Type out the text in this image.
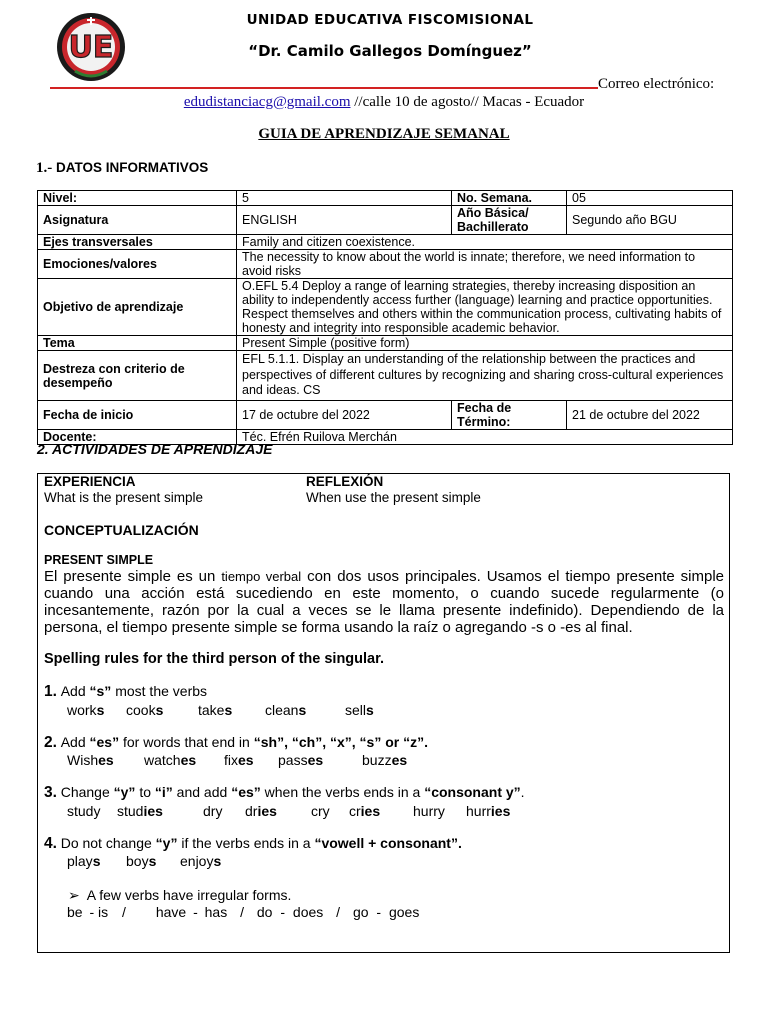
UE
UNIDAD EDUCATIVA FISCOMISIONAL
“Dr. Camilo Gallegos Domínguez”
Correo electrónico:
edudistanciacg@gmail.com //calle 10 de agosto// Macas - Ecuador
GUIA DE APRENDIZAJE SEMANAL
1.- DATOS INFORMATIVOS
Nivel:	5	No. Semana.	05
Asignatura	ENGLISH	Año Básica/ Bachillerato	Segundo año BGU
Ejes transversales	Family and citizen coexistence.		
Emociones/valores	The necessity to know about the world is innate; therefore, we need information to avoid risks		
Objetivo de aprendizaje	O.EFL 5.4 Deploy a range of learning strategies, thereby increasing disposition an ability to independently access further (language) learning and practice opportunities. Respect themselves and others within the communication process, cultivating habits of honesty and integrity into responsible academic behavior.		
Tema	Present Simple (positive form)		
Destreza con criterio de desempeño	EFL 5.1.1. Display an understanding of the relationship between the practices and perspectives of different cultures by recognizing and sharing cross-cultural experiences and ideas. CS		
Fecha de inicio	17 de octubre del 2022	Fecha de Término:	21 de octubre del 2022
Docente:	Téc. Efrén Ruilova Merchán		
2. ACTIVIDADES DE APRENDIZAJE
EXPERIENCIA
What is the present simple
REFLEXIÓN
When use the present simple
CONCEPTUALIZACIÓN
PRESENT SIMPLE
El presente simple es un tiempo verbal con dos usos principales. Usamos el tiempo presente simple cuando una acción está sucediendo en este momento, o cuando sucede regularmente (o incesantemente, razón por la cual a veces se le llama presente indefinido). Dependiendo de la persona, el tiempo presente simple se forma usando la raíz o agregando -s o -es al final.
Spelling rules for the third person of the singular.
1. Add “s” most the verbs
works cooks takes cleans	sells
2. Add “es” for words that end in “sh”, “ch”, “x”, “s” or “z”.
Wishes watches fixes passes	buzzes
3. Change “y” to “i” and add “es” when the verbs ends in a “consonant y”.
study studies	dry dries cry cries hurry hurries
4. Do not change “y” if the verbs ends in a “vowell + consonant”.
plays boys enjoys
➢ A few verbs have irregular forms.
be - is / have - has / do - does / go - goes
